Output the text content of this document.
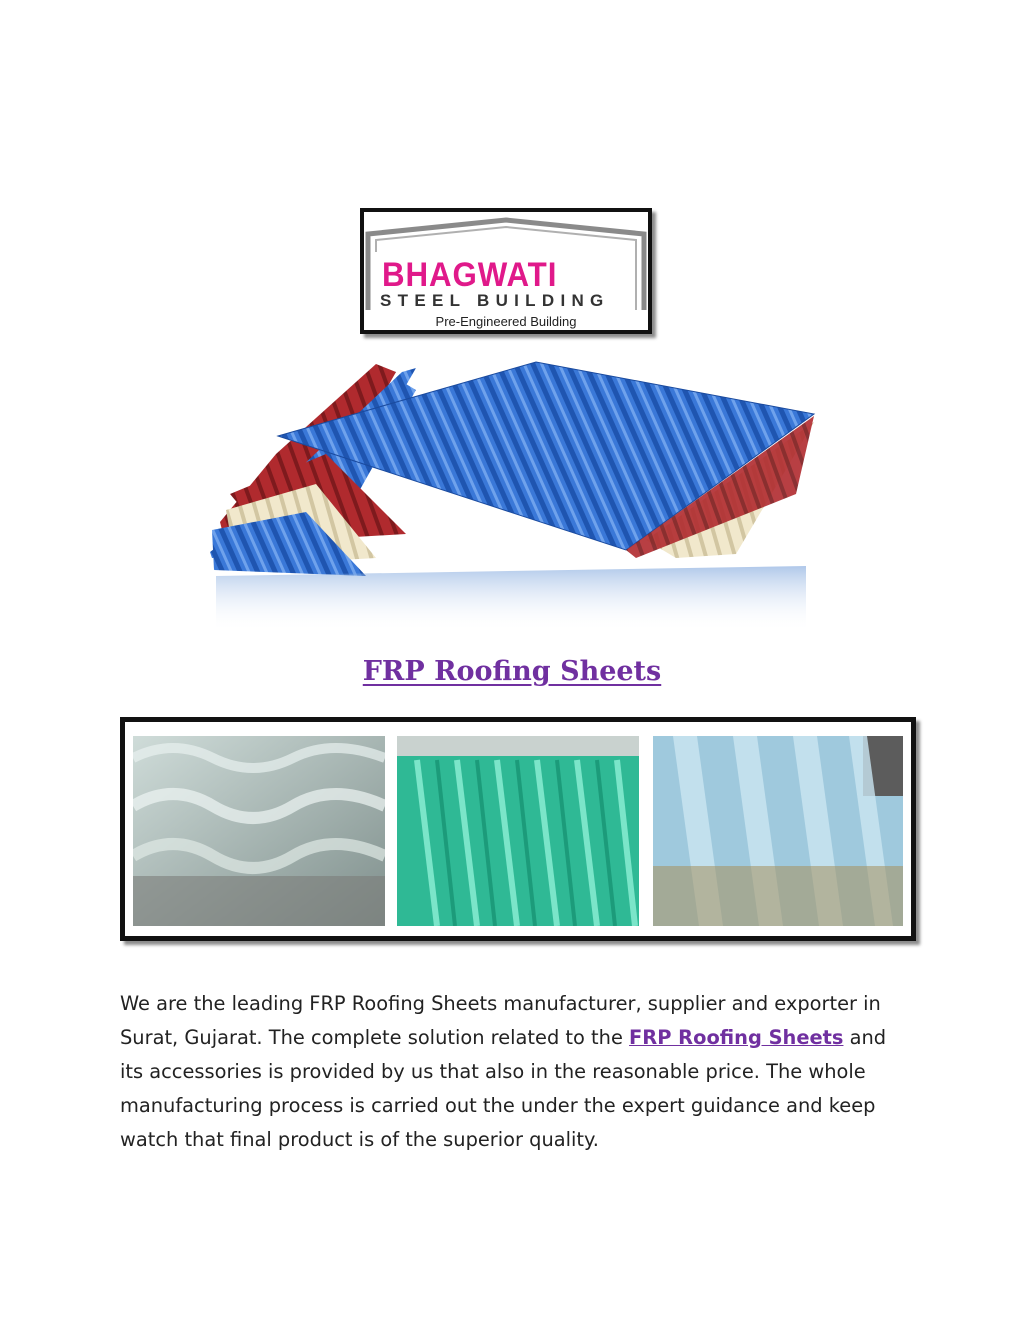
BHAGWATI
STEEL BUILDING
Pre-Engineered Building
FRP Roofing Sheets

We are the leading FRP Roofing Sheets manufacturer, supplier and exporter in Surat, Gujarat. The complete solution related to the FRP Roofing Sheets and its accessories is provided by us that also in the reasonable price. The whole manufacturing process is carried out the under the expert guidance and keep watch that final product is of the superior quality.
